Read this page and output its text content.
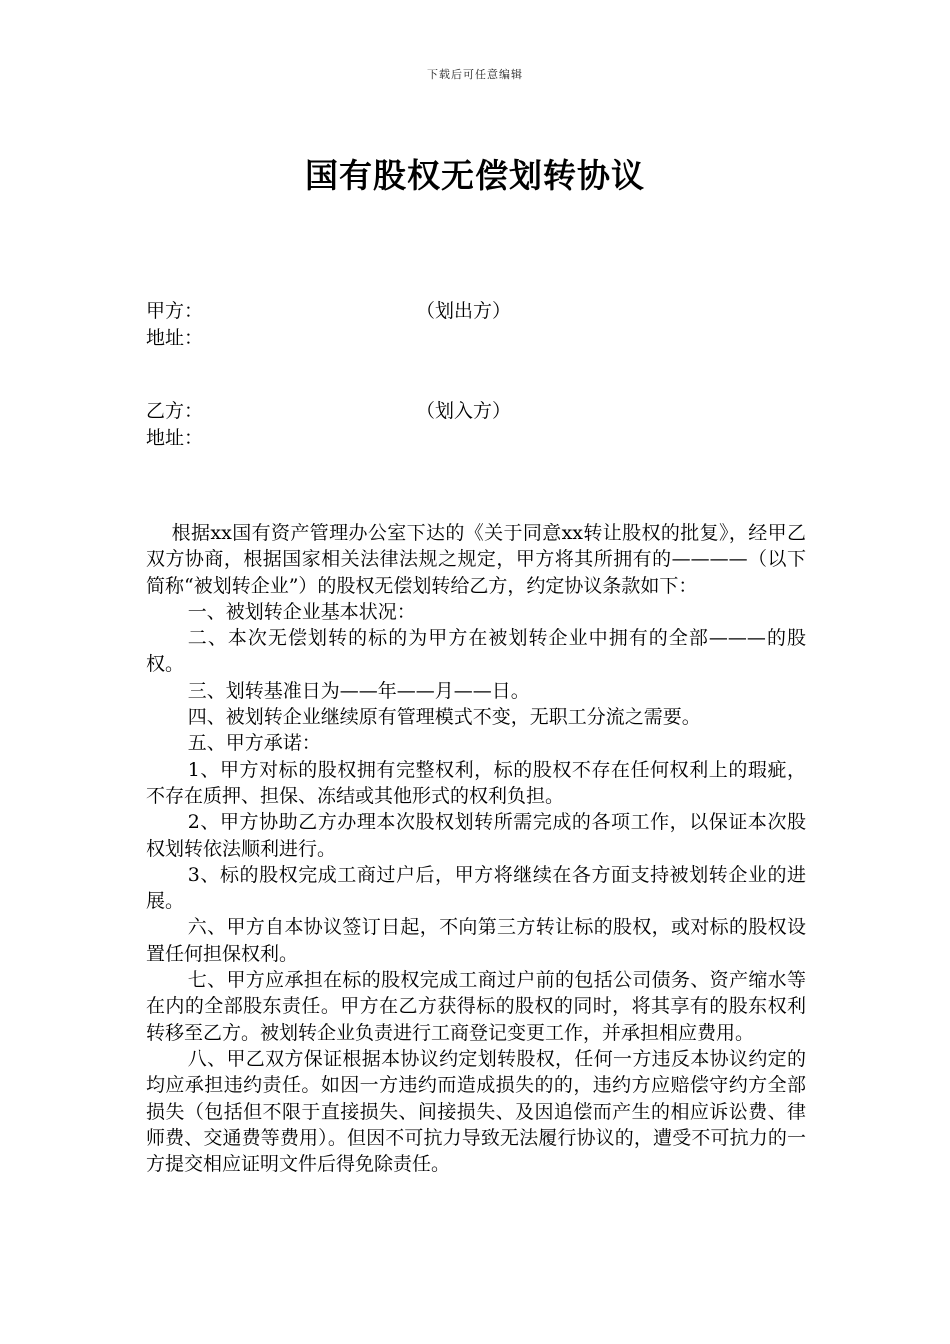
下载后可任意编辑
国有股权无偿划转协议
甲方：	（划出方）
地址：
乙方：	（划入方）
地址：

根据xx国有资产管理办公室下达的《关于同意xx转让股权的批复》，经甲乙双方协商，根据国家相关法律法规之规定，甲方将其所拥有的————（以下简称“被划转企业”）的股权无偿划转给乙方，约定协议条款如下：

一、被划转企业基本状况：

二、本次无偿划转的标的为甲方在被划转企业中拥有的全部———的股权。

三、划转基准日为——年——月——日。

四、被划转企业继续原有管理模式不变，无职工分流之需要。

五、甲方承诺：

1、甲方对标的股权拥有完整权利，标的股权不存在任何权利上的瑕疵，不存在质押、担保、冻结或其他形式的权利负担。

2、甲方协助乙方办理本次股权划转所需完成的各项工作，以保证本次股权划转依法顺利进行。

3、标的股权完成工商过户后，甲方将继续在各方面支持被划转企业的进展。

六、甲方自本协议签订日起，不向第三方转让标的股权，或对标的股权设置任何担保权利。

七、甲方应承担在标的股权完成工商过户前的包括公司债务、资产缩水等在内的全部股东责任。甲方在乙方获得标的股权的同时，将其享有的股东权利转移至乙方。被划转企业负责进行工商登记变更工作，并承担相应费用。

八、甲乙双方保证根据本协议约定划转股权，任何一方违反本协议约定的均应承担违约责任。如因一方违约而造成损失的的，违约方应赔偿守约方全部损失（包括但不限于直接损失、间接损失、及因追偿而产生的相应诉讼费、律师费、交通费等费用）。但因不可抗力导致无法履行协议的，遭受不可抗力的一方提交相应证明文件后得免除责任。
